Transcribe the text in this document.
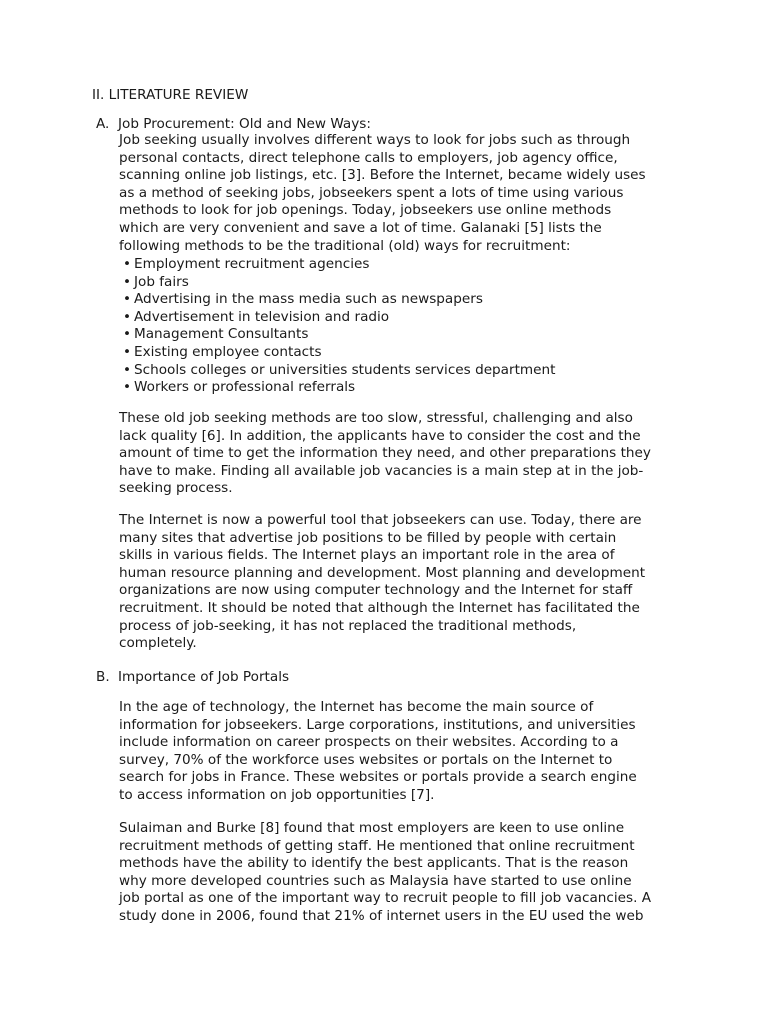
II. LITERATURE REVIEW
A. Job Procurement: Old and New Ways:
Job seeking usually involves different ways to look for jobs such as through
personal contacts, direct telephone calls to employers, job agency office,
scanning online job listings, etc. [3]. Before the Internet, became widely uses
as a method of seeking jobs, jobseekers spent a lots of time using various
methods to look for job openings. Today, jobseekers use online methods
which are very convenient and save a lot of time. Galanaki [5] lists the
following methods to be the traditional (old) ways for recruitment:
• Employment recruitment agencies
• Job fairs
• Advertising in the mass media such as newspapers
• Advertisement in television and radio
• Management Consultants
• Existing employee contacts
• Schools colleges or universities students services department
• Workers or professional referrals
These old job seeking methods are too slow, stressful, challenging and also
lack quality [6]. In addition, the applicants have to consider the cost and the
amount of time to get the information they need, and other preparations they
have to make. Finding all available job vacancies is a main step at in the job-
seeking process.
The Internet is now a powerful tool that jobseekers can use. Today, there are
many sites that advertise job positions to be filled by people with certain
skills in various fields. The Internet plays an important role in the area of
human resource planning and development. Most planning and development
organizations are now using computer technology and the Internet for staff
recruitment. It should be noted that although the Internet has facilitated the
process of job-seeking, it has not replaced the traditional methods,
completely.
B. Importance of Job Portals
In the age of technology, the Internet has become the main source of
information for jobseekers. Large corporations, institutions, and universities
include information on career prospects on their websites. According to a
survey, 70% of the workforce uses websites or portals on the Internet to
search for jobs in France. These websites or portals provide a search engine
to access information on job opportunities [7].
Sulaiman and Burke [8] found that most employers are keen to use online
recruitment methods of getting staff. He mentioned that online recruitment
methods have the ability to identify the best applicants. That is the reason
why more developed countries such as Malaysia have started to use online
job portal as one of the important way to recruit people to fill job vacancies. A
study done in 2006, found that 21% of internet users in the EU used the web
